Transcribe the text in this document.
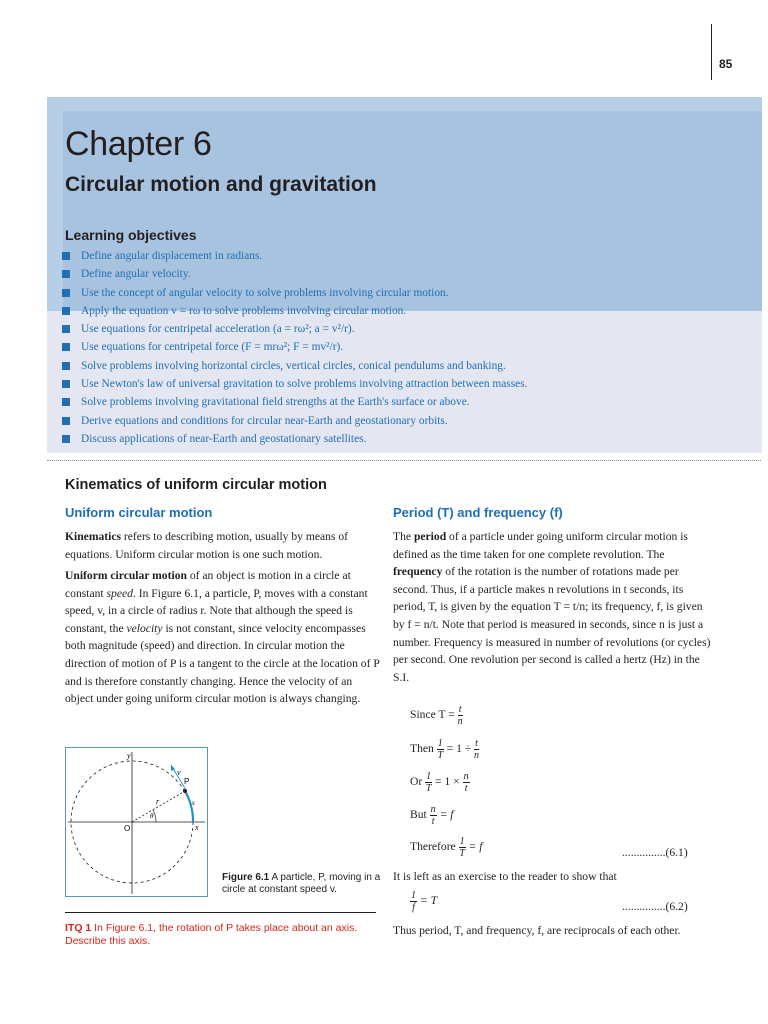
85
Chapter 6
Circular motion and gravitation
Learning objectives
Define angular displacement in radians.
Define angular velocity.
Use the concept of angular velocity to solve problems involving circular motion.
Apply the equation v = rω to solve problems involving circular motion.
Use equations for centripetal acceleration (a = rω²; a = v²/r).
Use equations for centripetal force (F = mrω²; F = mv²/r).
Solve problems involving horizontal circles, vertical circles, conical pendulums and banking.
Use Newton's law of universal gravitation to solve problems involving attraction between masses.
Solve problems involving gravitational field strengths at the Earth's surface or above.
Derive equations and conditions for circular near-Earth and geostationary orbits.
Discuss applications of near-Earth and geostationary satellites.
Kinematics of uniform circular motion
Uniform circular motion

Kinematics refers to describing motion, usually by means of equations. Uniform circular motion is one such motion.

Uniform circular motion of an object is motion in a circle at constant speed. In Figure 6.1, a particle, P, moves with a constant speed, v, in a circle of radius r. Note that although the speed is constant, the velocity is not constant, since velocity encompasses both magnitude (speed) and direction. In circular motion the direction of motion of P is a tangent to the circle at the location of P and is therefore constantly changing. Hence the velocity of an object under going uniform circular motion is always changing.

y
x
O
P
v
r	s
θ
Figure 6.1 A particle, P, moving in a circle at constant speed v.
ITQ 1 In Figure 6.1, the rotation of P takes place about an axis. Describe this axis.
Period (T) and frequency (f)

The period of a particle under going uniform circular motion is defined as the time taken for one complete revolution. The frequency of the rotation is the number of rotations made per second. Thus, if a particle makes n revolutions in t seconds, its period, T, is given by the equation T = t/n; its frequency, f, is given by f = n/t. Note that period is measured in seconds, since n is just a number. Frequency is measured in number of revolutions (or cycles) per second. One revolution per second is called a hertz (Hz) in the S.I.

Since $T = \frac{t}{n}$
Then $\frac{1}{T} = 1 \div \frac{t}{n}$
Or $\frac{1}{T} = 1 \times \frac{n}{t}$
But $\frac{n}{t} = f$
Therefore $\frac{1}{T} = f$	...............(6.1)

It is left as an exercise to the reader to show that

$\frac{1}{f} = T$	...............(6.2)

Thus period, T, and frequency, f, are reciprocals of each other.
